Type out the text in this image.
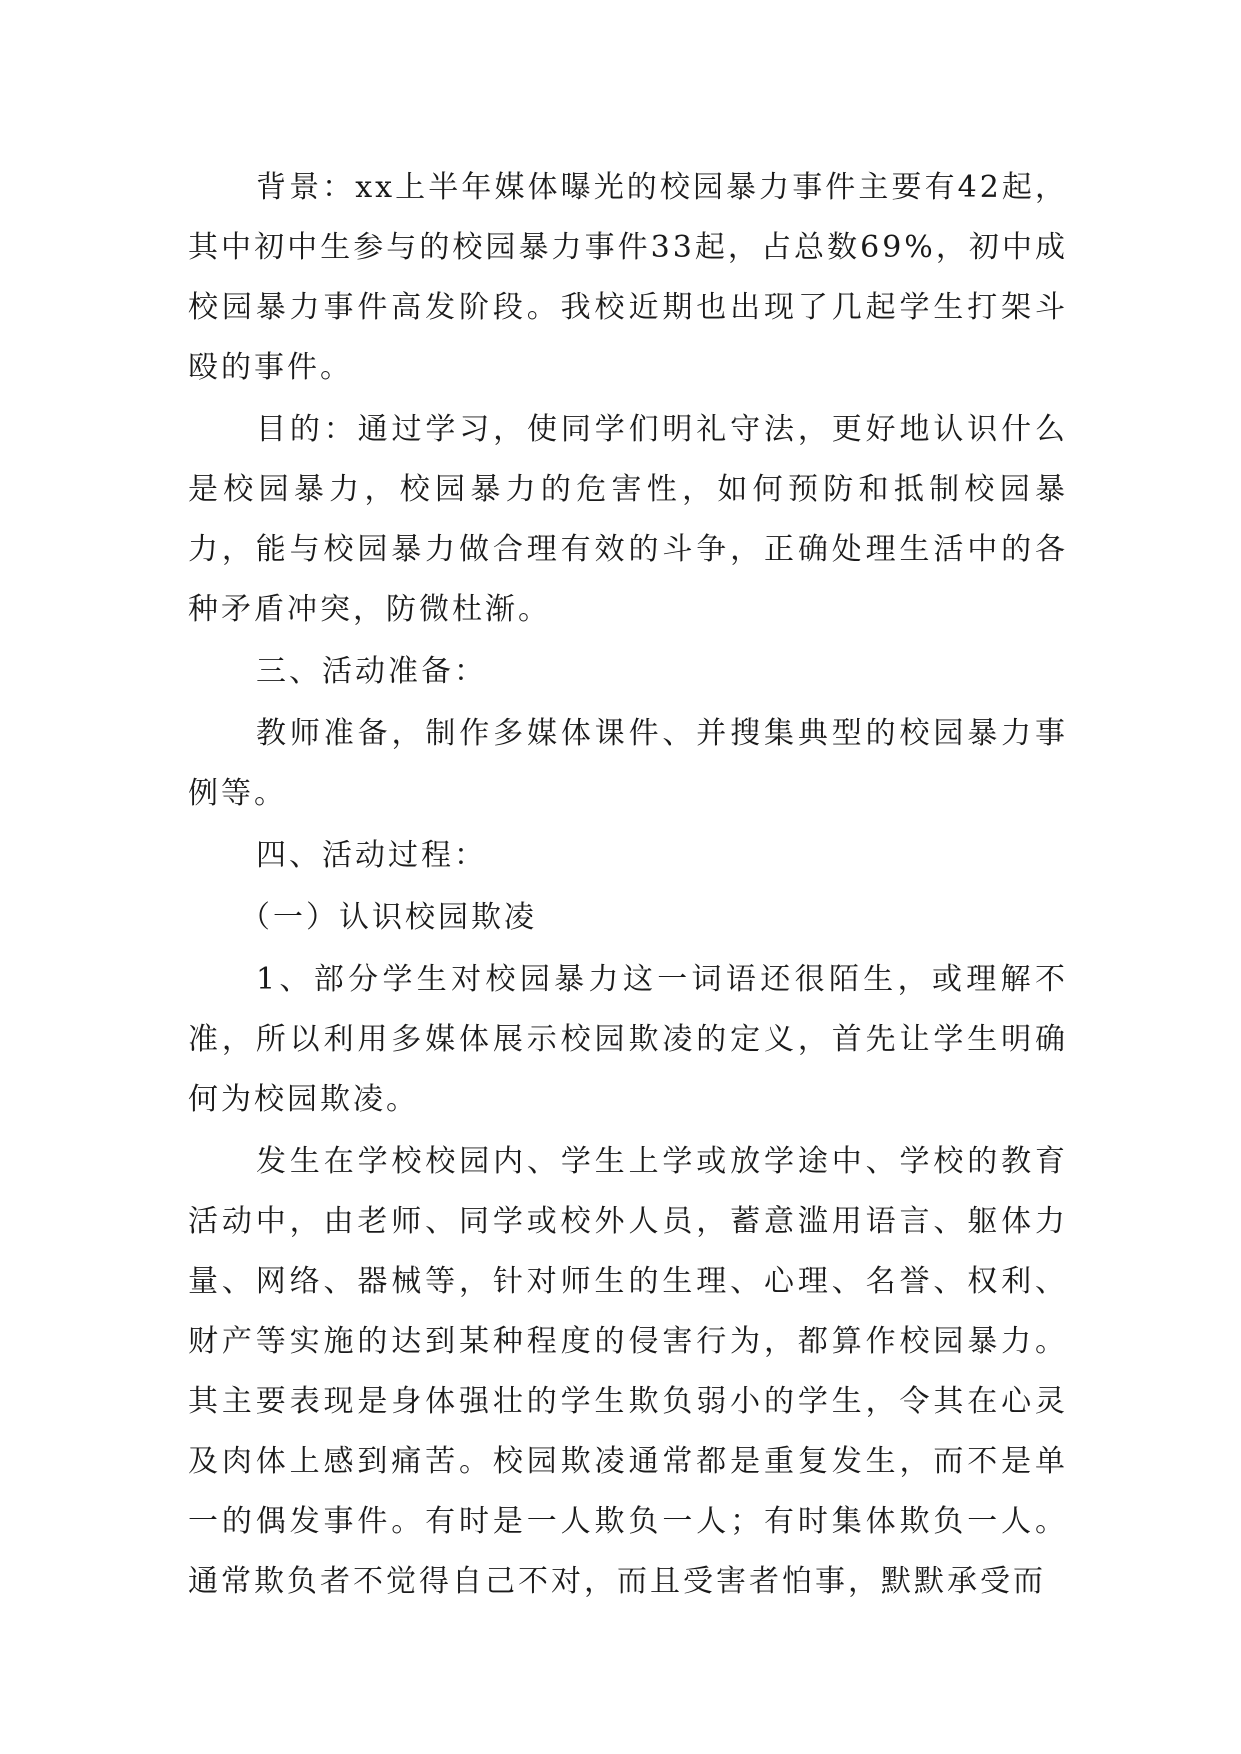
背景：xx上半年媒体曝光的校园暴力事件主要有42起，其中初中生参与的校园暴力事件33起，占总数69%，初中成校园暴力事件高发阶段。我校近期也出现了几起学生打架斗殴的事件。

目的：通过学习，使同学们明礼守法，更好地认识什么是校园暴力，校园暴力的危害性，如何预防和抵制校园暴力，能与校园暴力做合理有效的斗争，正确处理生活中的各种矛盾冲突，防微杜渐。

三、活动准备：

教师准备，制作多媒体课件、并搜集典型的校园暴力事例等。

四、活动过程：

（一）认识校园欺凌

1、部分学生对校园暴力这一词语还很陌生，或理解不准，所以利用多媒体展示校园欺凌的定义，首先让学生明确何为校园欺凌。

发生在学校校园内、学生上学或放学途中、学校的教育活动中，由老师、同学或校外人员，蓄意滥用语言、躯体力量、网络、器械等，针对师生的生理、心理、名誉、权利、财产等实施的达到某种程度的侵害行为，都算作校园暴力。其主要表现是身体强壮的学生欺负弱小的学生，令其在心灵及肉体上感到痛苦。校园欺凌通常都是重复发生，而不是单一的偶发事件。有时是一人欺负一人；有时集体欺负一人。通常欺负者不觉得自己不对，而且受害者怕事，默默承受而
